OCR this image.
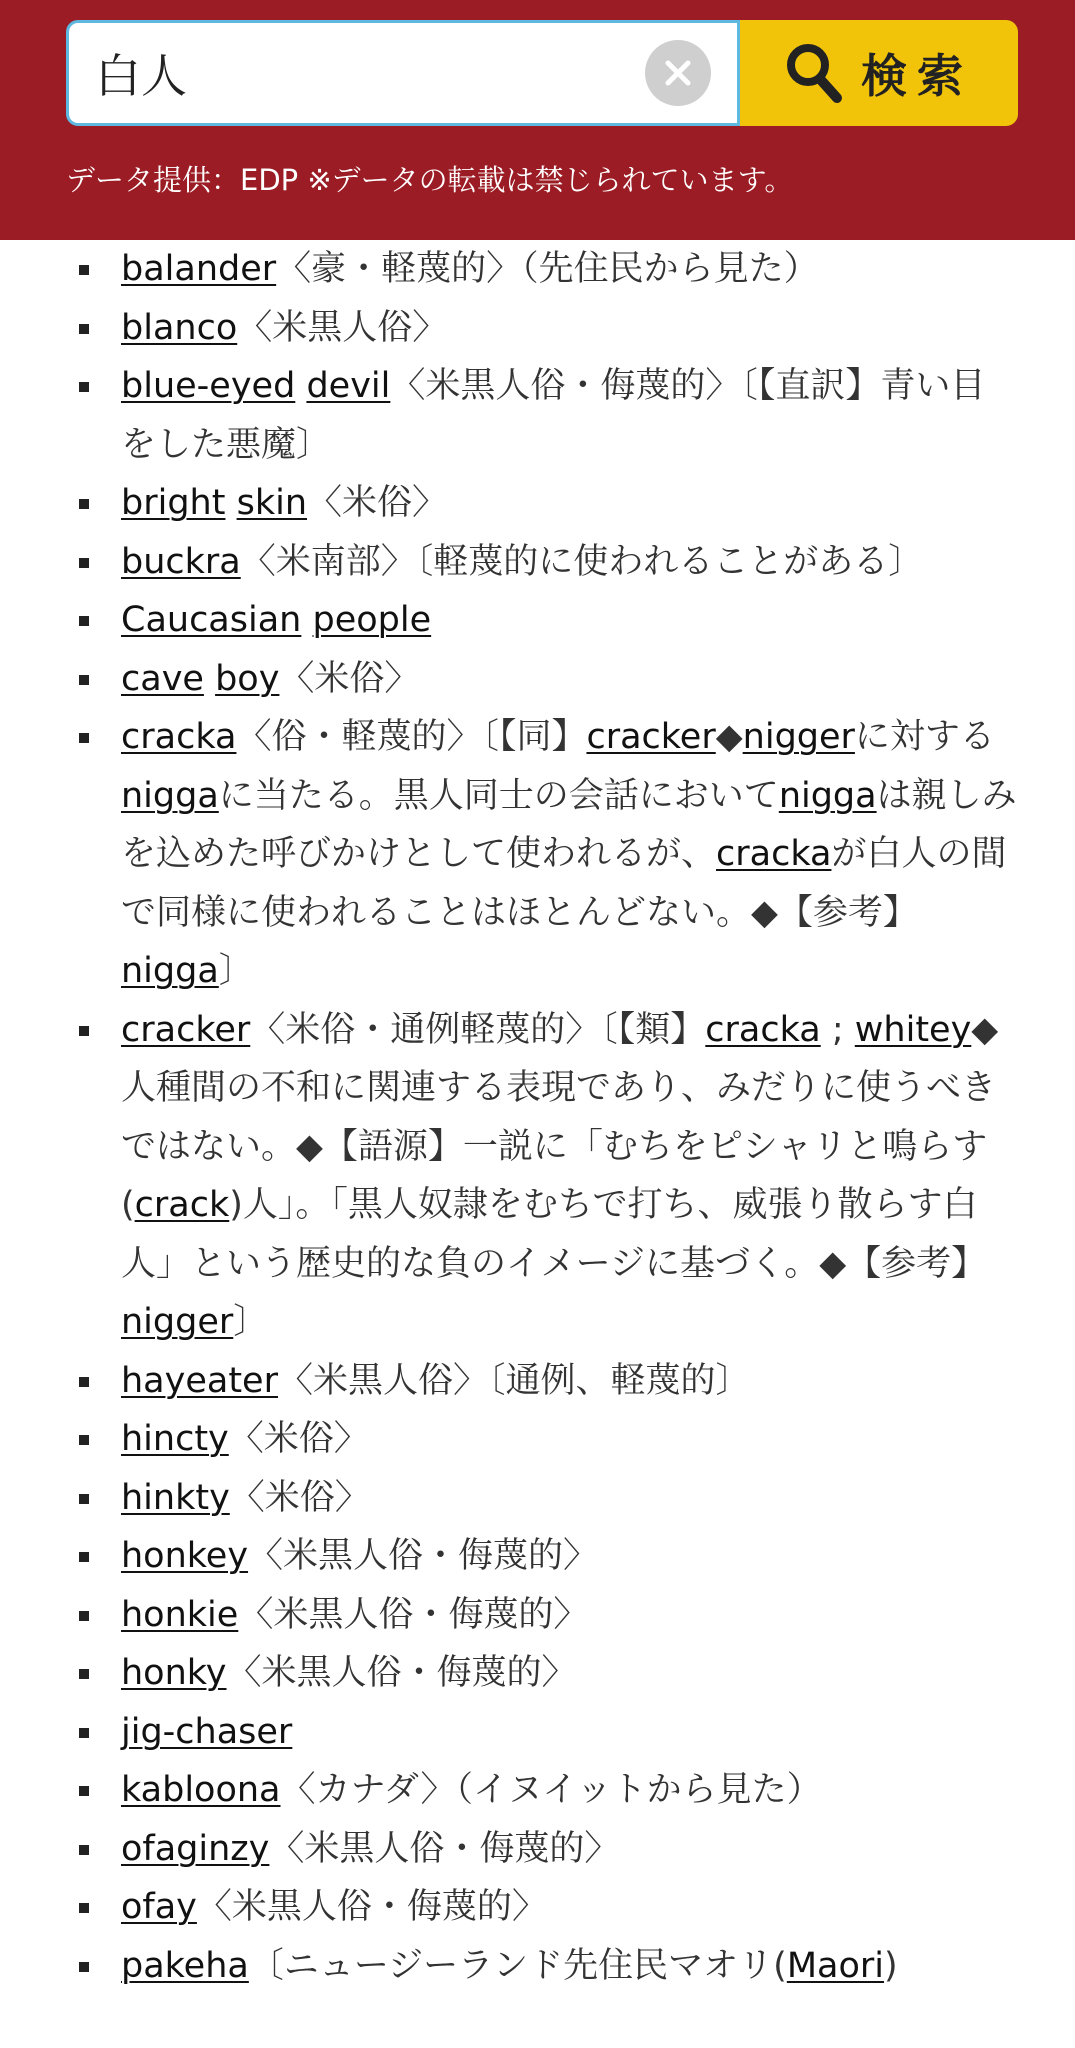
白人
検索
データ提供：EDP ※データの転載は禁じられています。
balander〈豪・軽蔑的〉（先住民から見た）
blanco〈米黒人俗〉
blue-eyed devil〈米黒人俗・侮蔑的〉〔【直訳】青い目をした悪魔〕
bright skin〈米俗〉
buckra〈米南部〉〔軽蔑的に使われることがある〕
Caucasian people
cave boy〈米俗〉
cracka〈俗・軽蔑的〉〔【同】cracker◆niggerに対するniggaに当たる。黒人同士の会話においてniggaは親しみを込めた呼びかけとして使われるが、crackaが白人の間で同様に使われることはほとんどない。◆【参考】nigga〕
cracker〈米俗・通例軽蔑的〉〔【類】cracka ; whitey◆人種間の不和に関連する表現であり、みだりに使うべきではない。◆【語源】一説に「むちをピシャリと鳴らす(crack)人」。「黒人奴隷をむちで打ち、威張り散らす白人」という歴史的な負のイメージに基づく。◆【参考】nigger〕
hayeater〈米黒人俗〉〔通例、軽蔑的〕
hincty〈米俗〉
hinkty〈米俗〉
honkey〈米黒人俗・侮蔑的〉
honkie〈米黒人俗・侮蔑的〉
honky〈米黒人俗・侮蔑的〉
jig-chaser
kabloona〈カナダ〉（イヌイットから見た）
ofaginzy〈米黒人俗・侮蔑的〉
ofay〈米黒人俗・侮蔑的〉
pakeha〔ニュージーランド先住民マオリ(Maori)
